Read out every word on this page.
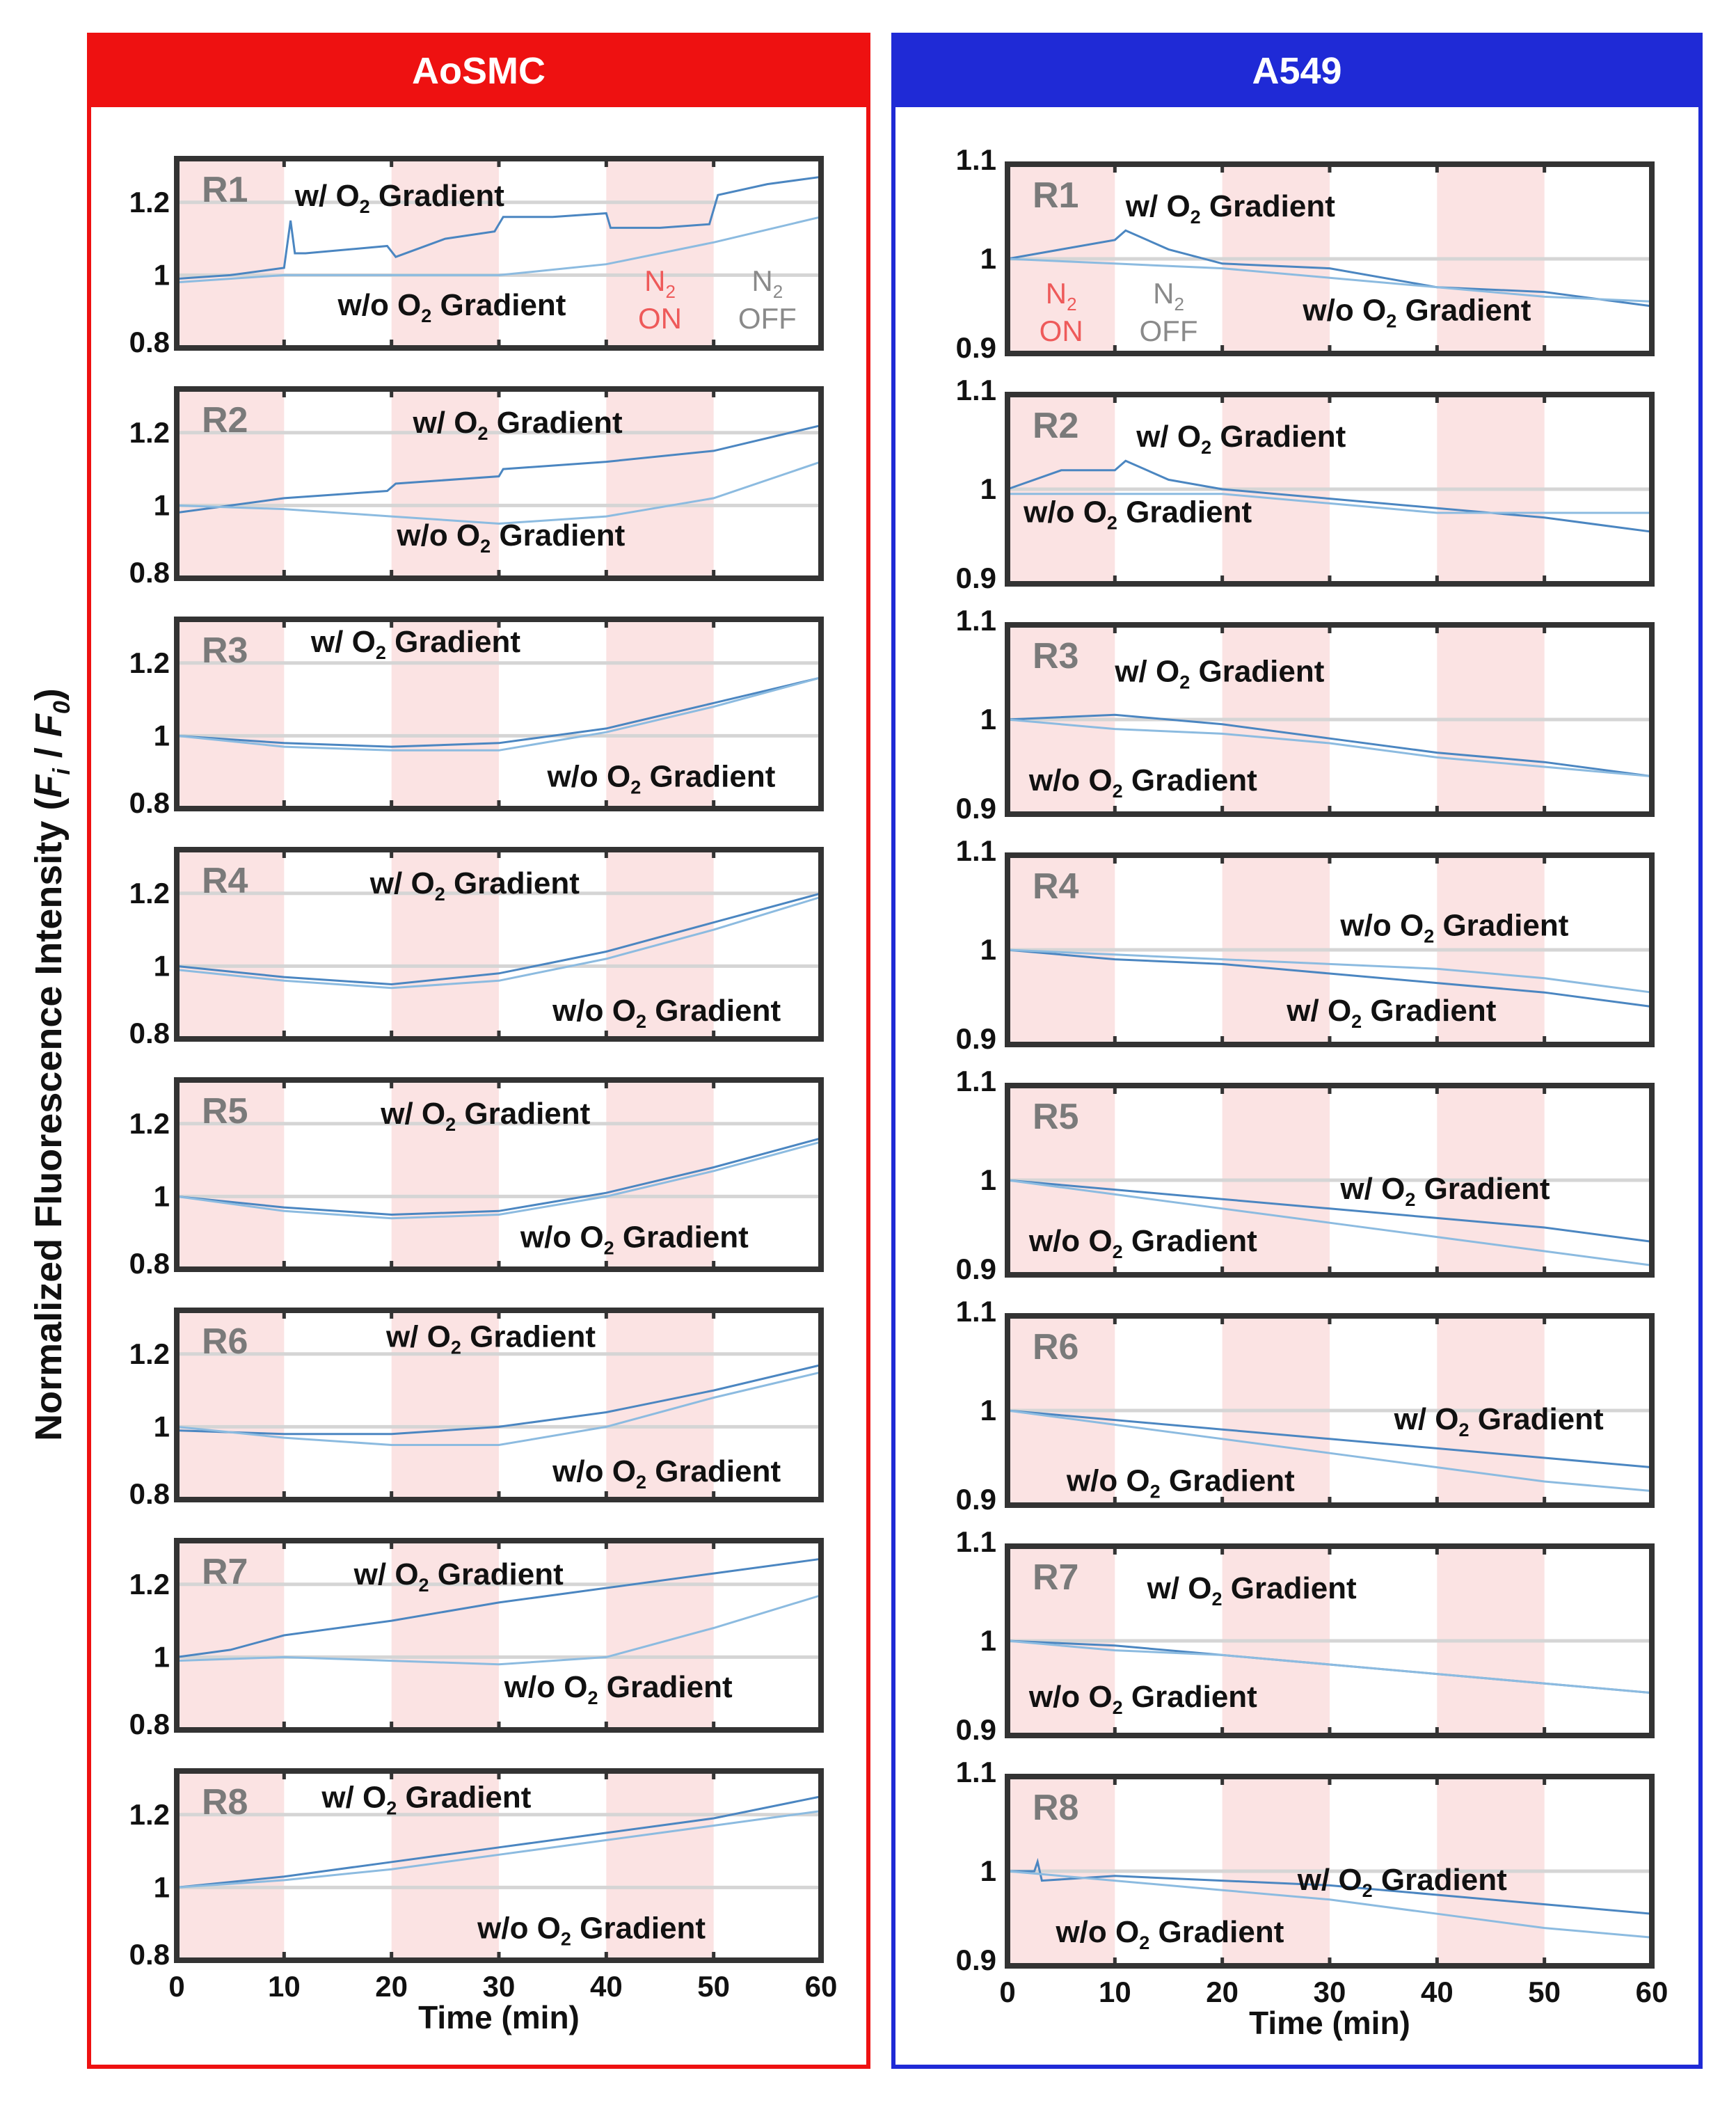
AoSMC	A549
Normalized Fluorescence Intensity $(F_i / F_0)$
0.8
1
1.2 R1 w/ $O_2$ Gradient
w/o $O_2$ Gradient
$N_2$
ON
$N_2$
OFF
0.8
1
1.2 R2	w/ $O_2$ Gradient
w/o $O_2$ Gradient
0.8
1
1.2 R3 w/ $O_2$ Gradient
w/o $O_2$ Gradient
0.8
1
1.2 R4	w/ $O_2$ Gradient
w/o $O_2$ Gradient
0.8
1
1.2 R5	w/ $O_2$ Gradient
w/o $O_2$ Gradient
0.8
1
1.2 R6	w/ $O_2$ Gradient
w/o $O_2$ Gradient
0.8
1
1.2 R7	w/ $O_2$ Gradient
w/o $O_2$ Gradient
0.8
1
1.2 R8 w/ $O_2$ Gradient
w/o $O_2$ Gradient
0	10	20	30	40	50	60
Time (min)
0.9
1
1.1
R1 w/ $O_2$ Gradient
w/o $O_2$ Gradient
$N_2$
ON
$N_2$
OFF
0.9
1
1.1
R2 w/ $O_2$ Gradient
w/o $O_2$ Gradient
0.9
1
1.1
R3 w/ $O_2$ Gradient
w/o $O_2$ Gradient
0.9
1
1.1
R4
w/o $O_2$ Gradient
w/ $O_2$ Gradient
0.9
1
1.1
R5
w/ $O_2$ Gradient
w/o $O_2$ Gradient
0.9
1
1.1
R6
w/ $O_2$ Gradient
w/o $O_2$ Gradient
0.9
1
1.1
R7 w/ $O_2$ Gradient
w/o $O_2$ Gradient
0.9
1
1.1
R8
w/ $O_2$ Gradient
w/o $O_2$ Gradient
0	10	20	30	40	50	60
Time (min)
